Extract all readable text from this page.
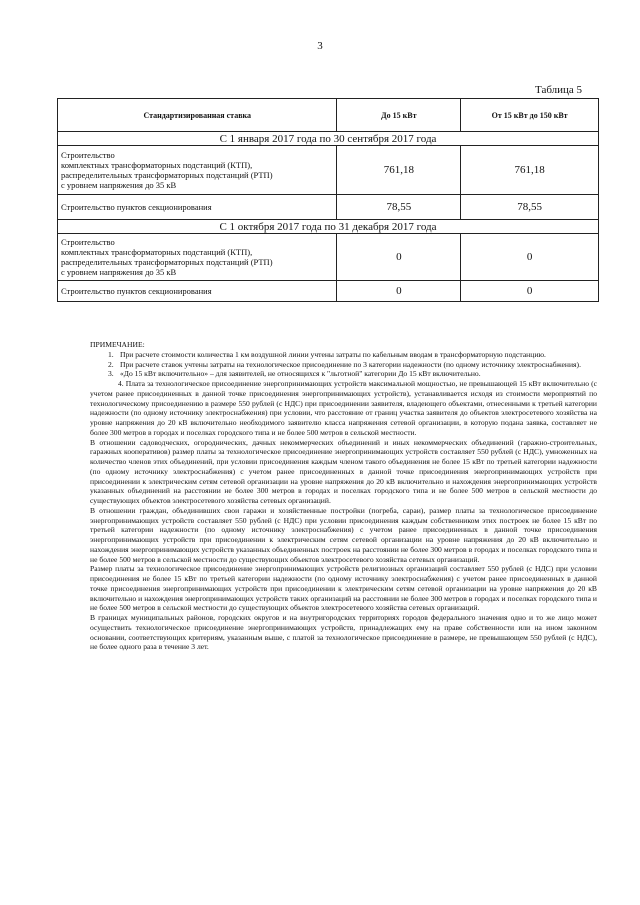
3
Таблица 5
Стандартизированная ставка	До 15 кВт	От 15 кВт до 150 кВт
С 1 января 2017 года по 30 сентября 2017 года		
Строительство
комплектных трансформаторных подстанций (КТП),
распределительных трансформаторных подстанций (РТП)
с уровнем напряжения до 35 кВ	761,18	761,18
Строительство пунктов секционирования	78,55	78,55
С 1 октября 2017 года по 31 декабря 2017 года		
Строительство
комплектных трансформаторных подстанций (КТП),
распределительных трансформаторных подстанций (РТП)
с уровнем напряжения до 35 кВ	0	0
Строительство пунктов секционирования	0	0

ПРИМЕЧАНИЕ:

1. При расчете стоимости количества 1 км воздушной линии учтены затраты по кабельным вводам в трансформаторную подстанцию.

2. При расчете ставок учтены затраты на технологическое присоединение по 3 категории надежности (по одному источнику электроснабжения).

3. «До 15 кВт включительно» – для заявителей, не относящихся к "льготной" категории До 15 кВт включительно.

4. Плата за технологическое присоединение энергопринимающих устройств максимальной мощностью, не превышающей 15 кВт включительно (с учетом ранее присоединенных в данной точке присоединения энергопринимающих устройств), устанавливается исходя из стоимости мероприятий по технологическому присоединению в размере 550 рублей (с НДС) при присоединении заявителя, владеющего объектами, отнесенными к третьей категории надежности (по одному источнику электроснабжения) при условии, что расстояние от границ участка заявителя до объектов электросетевого хозяйства на уровне напряжения до 20 кВ включительно необходимого заявителю класса напряжения сетевой организации, в которую подана заявка, составляет не более 300 метров в городах и поселках городского типа и не более 500 метров в сельской местности.

В отношении садоводческих, огороднических, дачных некоммерческих объединений и иных некоммерческих объединений (гаражно-строительных, гаражных кооперативов) размер платы за технологическое присоединение энергопринимающих устройств составляет 550 рублей (с НДС), умноженных на количество членов этих объединений, при условии присоединения каждым членом такого объединения не более 15 кВт по третьей категории надежности (по одному источнику электроснабжения) с учетом ранее присоединенных в данной точке присоединения энергопринимающих устройств при присоединении к электрическим сетям сетевой организации на уровне напряжения до 20 кВ включительно и нахождения энергопринимающих устройств указанных объединений на расстоянии не более 300 метров в городах и поселках городского типа и не более 500 метров в сельской местности до существующих объектов электросетевого хозяйства сетевых организаций.

В отношении граждан, объединивших свои гаражи и хозяйственные постройки (погреба, сараи), размер платы за технологическое присоединение энергопринимающих устройств составляет 550 рублей (с НДС) при условии присоединения каждым собственником этих построек не более 15 кВт по третьей категории надежности (по одному источнику электроснабжения) с учетом ранее присоединенных в данной точке присоединения энергопринимающих устройств при присоединении к электрическим сетям сетевой организации на уровне напряжения до 20 кВ включительно и нахождения энергопринимающих устройств указанных объединенных построек на расстоянии не более 300 метров в городах и поселках городского типа и не более 500 метров в сельской местности до существующих объектов электросетевого хозяйства сетевых организаций.

Размер платы за технологическое присоединение энергопринимающих устройств религиозных организаций составляет 550 рублей (с НДС) при условии присоединения не более 15 кВт по третьей категории надежности (по одному источнику электроснабжения) с учетом ранее присоединенных в данной точке присоединения энергопринимающих устройств при присоединении к электрическим сетям сетевой организации на уровне напряжения до 20 кВ включительно и нахождения энергопринимающих устройств таких организаций на расстоянии не более 300 метров в городах и поселках городского типа и не более 500 метров в сельской местности до существующих объектов электросетевого хозяйства сетевых организаций.

В границах муниципальных районов, городских округов и на внутригородских территориях городов федерального значения одно и то же лицо может осуществить технологическое присоединение энергопринимающих устройств, принадлежащих ему на праве собственности или на ином законном основании, соответствующих критериям, указанным выше, с платой за технологическое присоединение в размере, не превышающем 550 рублей (с НДС), не более одного раза в течение 3 лет.
